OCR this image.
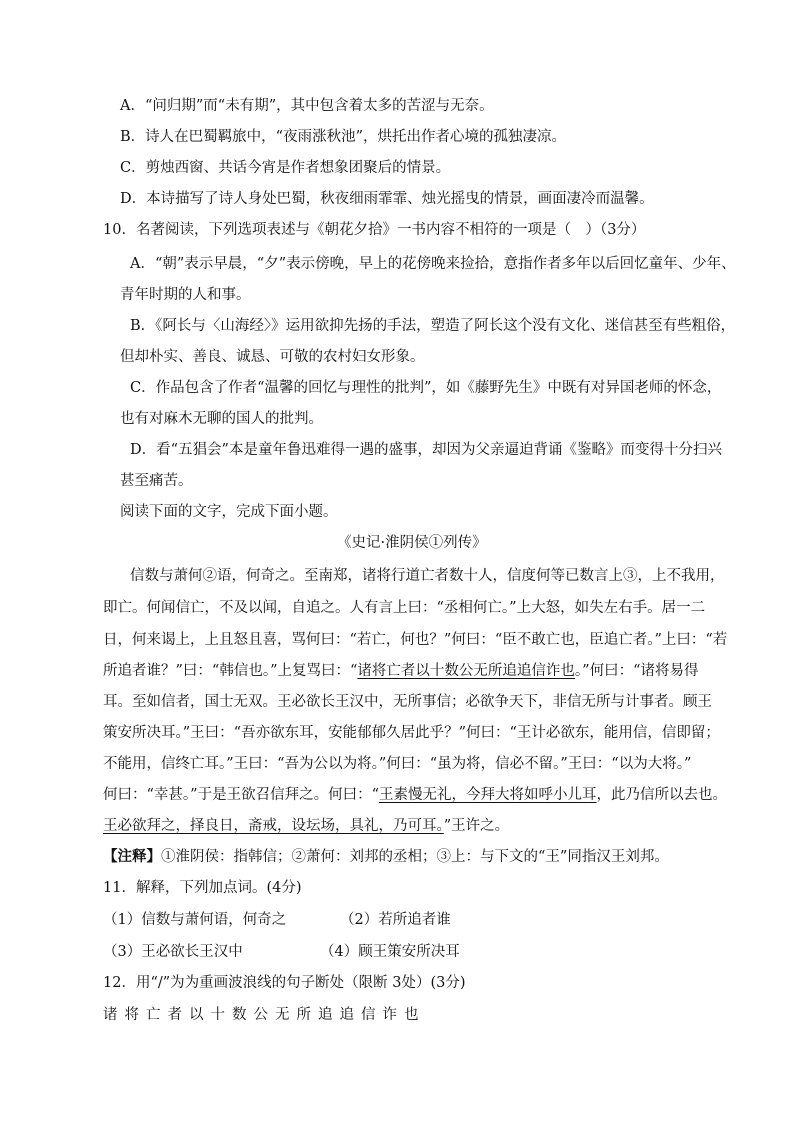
A．“问归期”而“未有期”，其中包含着太多的苦涩与无奈。
B．诗人在巴蜀羁旅中，“夜雨涨秋池”，烘托出作者心境的孤独凄凉。
C．剪烛西窗、共话今宵是作者想象团聚后的情景。
D．本诗描写了诗人身处巴蜀，秋夜细雨霏霏、烛光摇曳的情景，画面凄冷而温馨。
10．名著阅读，下列选项表述与《朝花夕拾》一书内容不相符的一项是（　）（3分）
A．“朝”表示早晨，“夕”表示傍晚，早上的花傍晚来捡拾，意指作者多年以后回忆童年、少年、
青年时期的人和事。
B．《阿长与〈山海经〉》运用欲抑先扬的手法，塑造了阿长这个没有文化、迷信甚至有些粗俗，
但却朴实、善良、诚恳、可敬的农村妇女形象。
C．作品包含了作者“温馨的回忆与理性的批判”，如《藤野先生》中既有对异国老师的怀念，
也有对麻木无聊的国人的批判。
D．看“五猖会”本是童年鲁迅难得一遇的盛事，却因为父亲逼迫背诵《鉴略》而变得十分扫兴
甚至痛苦。
阅读下面的文字，完成下面小题。
《史记·淮阴侯①列传》
信数与萧何②语，何奇之。至南郑，诸将行道亡者数十人，信度何等已数言上③，上不我用，
即亡。何闻信亡，不及以闻，自追之。人有言上曰：“丞相何亡。”上大怒，如失左右手。居一二
日，何来谒上，上且怒且喜，骂何曰：“若亡，何也？”何曰：“臣不敢亡也，臣追亡者。”上曰：“若
所追者谁？”曰：“韩信也。”上复骂曰：“诸将亡者以十数公无所追追信诈也。”何曰：“诸将易得
耳。至如信者，国士无双。王必欲长王汉中，无所事信；必欲争天下，非信无所与计事者。顾王
策安所决耳。”王曰：“吾亦欲东耳，安能郁郁久居此乎？”何曰：“王计必欲东，能用信，信即留；
不能用，信终亡耳。”王曰：“吾为公以为将。”何曰：“虽为将，信必不留。”王曰：“以为大将。”
何曰：“幸甚。”于是王欲召信拜之。何曰：“王素慢无礼，今拜大将如呼小儿耳，此乃信所以去也。
王必欲拜之，择良日，斋戒，设坛场，具礼，乃可耳。”王许之。
【注释】①淮阴侯：指韩信；②萧何：刘邦的丞相；③上：与下文的“王”同指汉王刘邦。
11．解释，下列加点词。(4分)
（1）信数与萧何语，何奇之	（2）若所追者谁
（3）王必欲长王汉中	（4）顾王策安所决耳
12．用“/”为为重画波浪线的句子断处（限断 3处）(3分)
诸将亡者以十数公无所追追信诈也
